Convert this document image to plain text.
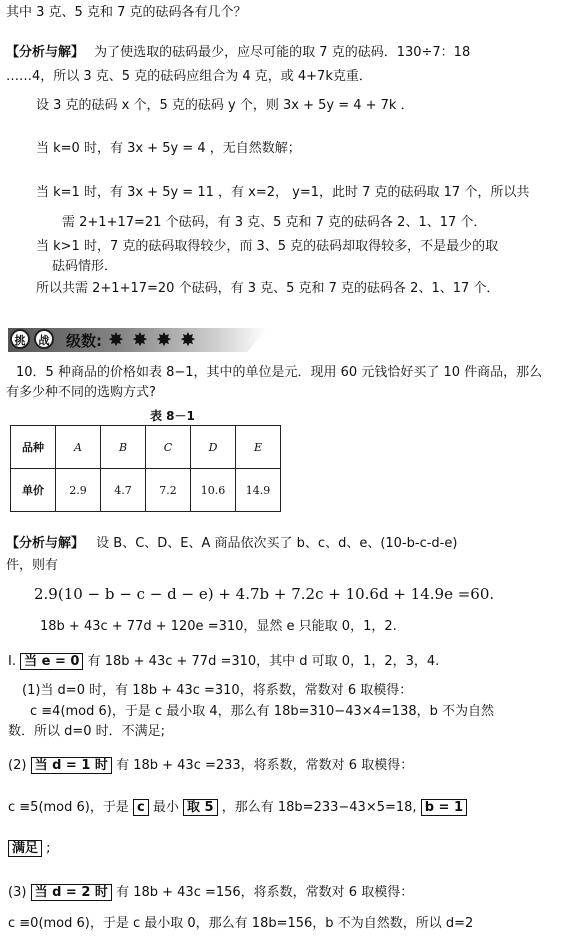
其中 3 克、5 克和 7 克的砝码各有几个？
【分析与解】 为了使选取的砝码最少，应尽可能的取 7 克的砝码．130÷7：18
……4，所以 3 克、5 克的砝码应组合为 4 克，或 4+7k克重．
设 3 克的砝码 x 个，5 克的砝码 y 个，则 3x + 5y = 4 + 7k ．
当 k=0 时，有 3x + 5y = 4 ，无自然数解；
当 k=1 时，有 3x + 5y = 11 ，有 x=2， y=1，此时 7 克的砝码取 17 个，所以共
需 2+1+17=21 个砝码，有 3 克、5 克和 7 克的砝码各 2、1、17 个．
当 k>1 时，7 克的砝码取得较少，而 3、5 克的砝码却取得较多，不是最少的取
砝码情形．
所以共需 2+1+17=20 个砝码，有 3 克、5 克和 7 克的砝码各 2、1、17 个．
挑	战	级数: ✸ ✸ ✸ ✸
10．5 种商品的价格如表 8−1，其中的单位是元．现用 60 元钱恰好买了 10 件商品，那么
有多少种不同的选购方式?
表 8－1
品种	A	B	C	D	E
单价	2.9	4.7	7.2	10.6	14.9
【分析与解】 设 B、C、D、E、A 商品依次买了 b、c、d、e、(10-b-c-d-e)
件，则有
2.9(10 − b − c − d − e) + 4.7b + 7.2c + 10.6d + 14.9e =60.
18b + 43c + 77d + 120e =310，显然 e 只能取 0，1，2.
Ⅰ. 当 e = 0 有 18b + 43c + 77d =310，其中 d 可取 0，1，2，3，4.
(1)当 d=0 时，有 18b + 43c =310，将系数，常数对 6 取模得：
c ≡4(mod 6)，于是 c 最小取 4，那么有 18b=310−43×4=138，b 不为自然
数．所以 d=0 时．不满足;
(2) 当 d = 1 时 有 18b + 43c =233，将系数，常数对 6 取模得：
c ≡5(mod 6)，于是 c 最小 取 5 ，那么有 18b=233−43×5=18, b = 1
满足 ;
(3) 当 d = 2 时 有 18b + 43c =156，将系数，常数对 6 取模得：
c ≡0(mod 6)，于是 c 最小取 0，那么有 18b=156，b 不为自然数，所以 d=2
